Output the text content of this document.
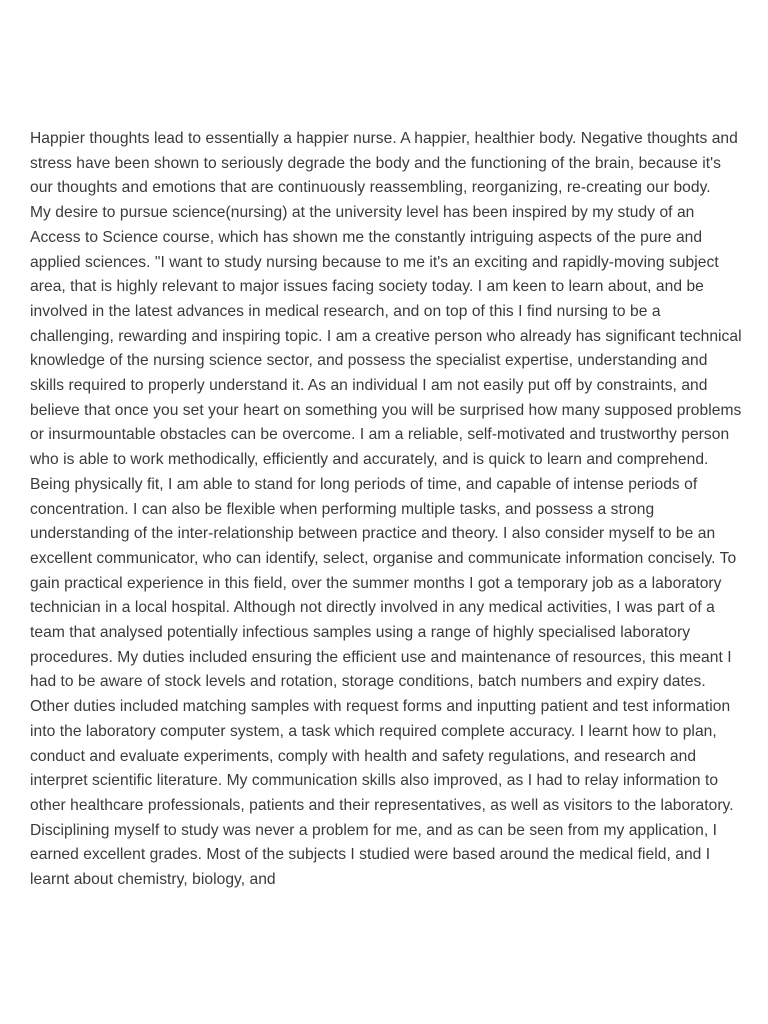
Happier thoughts lead to essentially a happier nurse. A happier, healthier body. Negative thoughts and stress have been shown to seriously degrade the body and the functioning of the brain, because it's our thoughts and emotions that are continuously reassembling, reorganizing, re-creating our body.

My desire to pursue science(nursing) at the university level has been inspired by my study of an Access to Science course, which has shown me the constantly intriguing aspects of the pure and applied sciences. "I want to study nursing because to me it's an exciting and rapidly-moving subject area, that is highly relevant to major issues facing society today. I am keen to learn about, and be involved in the latest advances in medical research, and on top of this I find nursing to be a challenging, rewarding and inspiring topic. I am a creative person who already has significant technical knowledge of the nursing science sector, and possess the specialist expertise, understanding and skills required to properly understand it. As an individual I am not easily put off by constraints, and believe that once you set your heart on something you will be surprised how many supposed problems or insurmountable obstacles can be overcome. I am a reliable, self-motivated and trustworthy person who is able to work methodically, efficiently and accurately, and is quick to learn and comprehend. Being physically fit, I am able to stand for long periods of time, and capable of intense periods of concentration. I can also be flexible when performing multiple tasks, and possess a strong understanding of the inter-relationship between practice and theory. I also consider myself to be an excellent communicator, who can identify, select, organise and communicate information concisely. To gain practical experience in this field, over the summer months I got a temporary job as a laboratory technician in a local hospital. Although not directly involved in any medical activities, I was part of a team that analysed potentially infectious samples using a range of highly specialised laboratory procedures. My duties included ensuring the efficient use and maintenance of resources, this meant I had to be aware of stock levels and rotation, storage conditions, batch numbers and expiry dates. Other duties included matching samples with request forms and inputting patient and test information into the laboratory computer system, a task which required complete accuracy. I learnt how to plan, conduct and evaluate experiments, comply with health and safety regulations, and research and interpret scientific literature. My communication skills also improved, as I had to relay information to other healthcare professionals, patients and their representatives, as well as visitors to the laboratory. Disciplining myself to study was never a problem for me, and as can be seen from my application, I earned excellent grades. Most of the subjects I studied were based around the medical field, and I learnt about chemistry, biology, and
